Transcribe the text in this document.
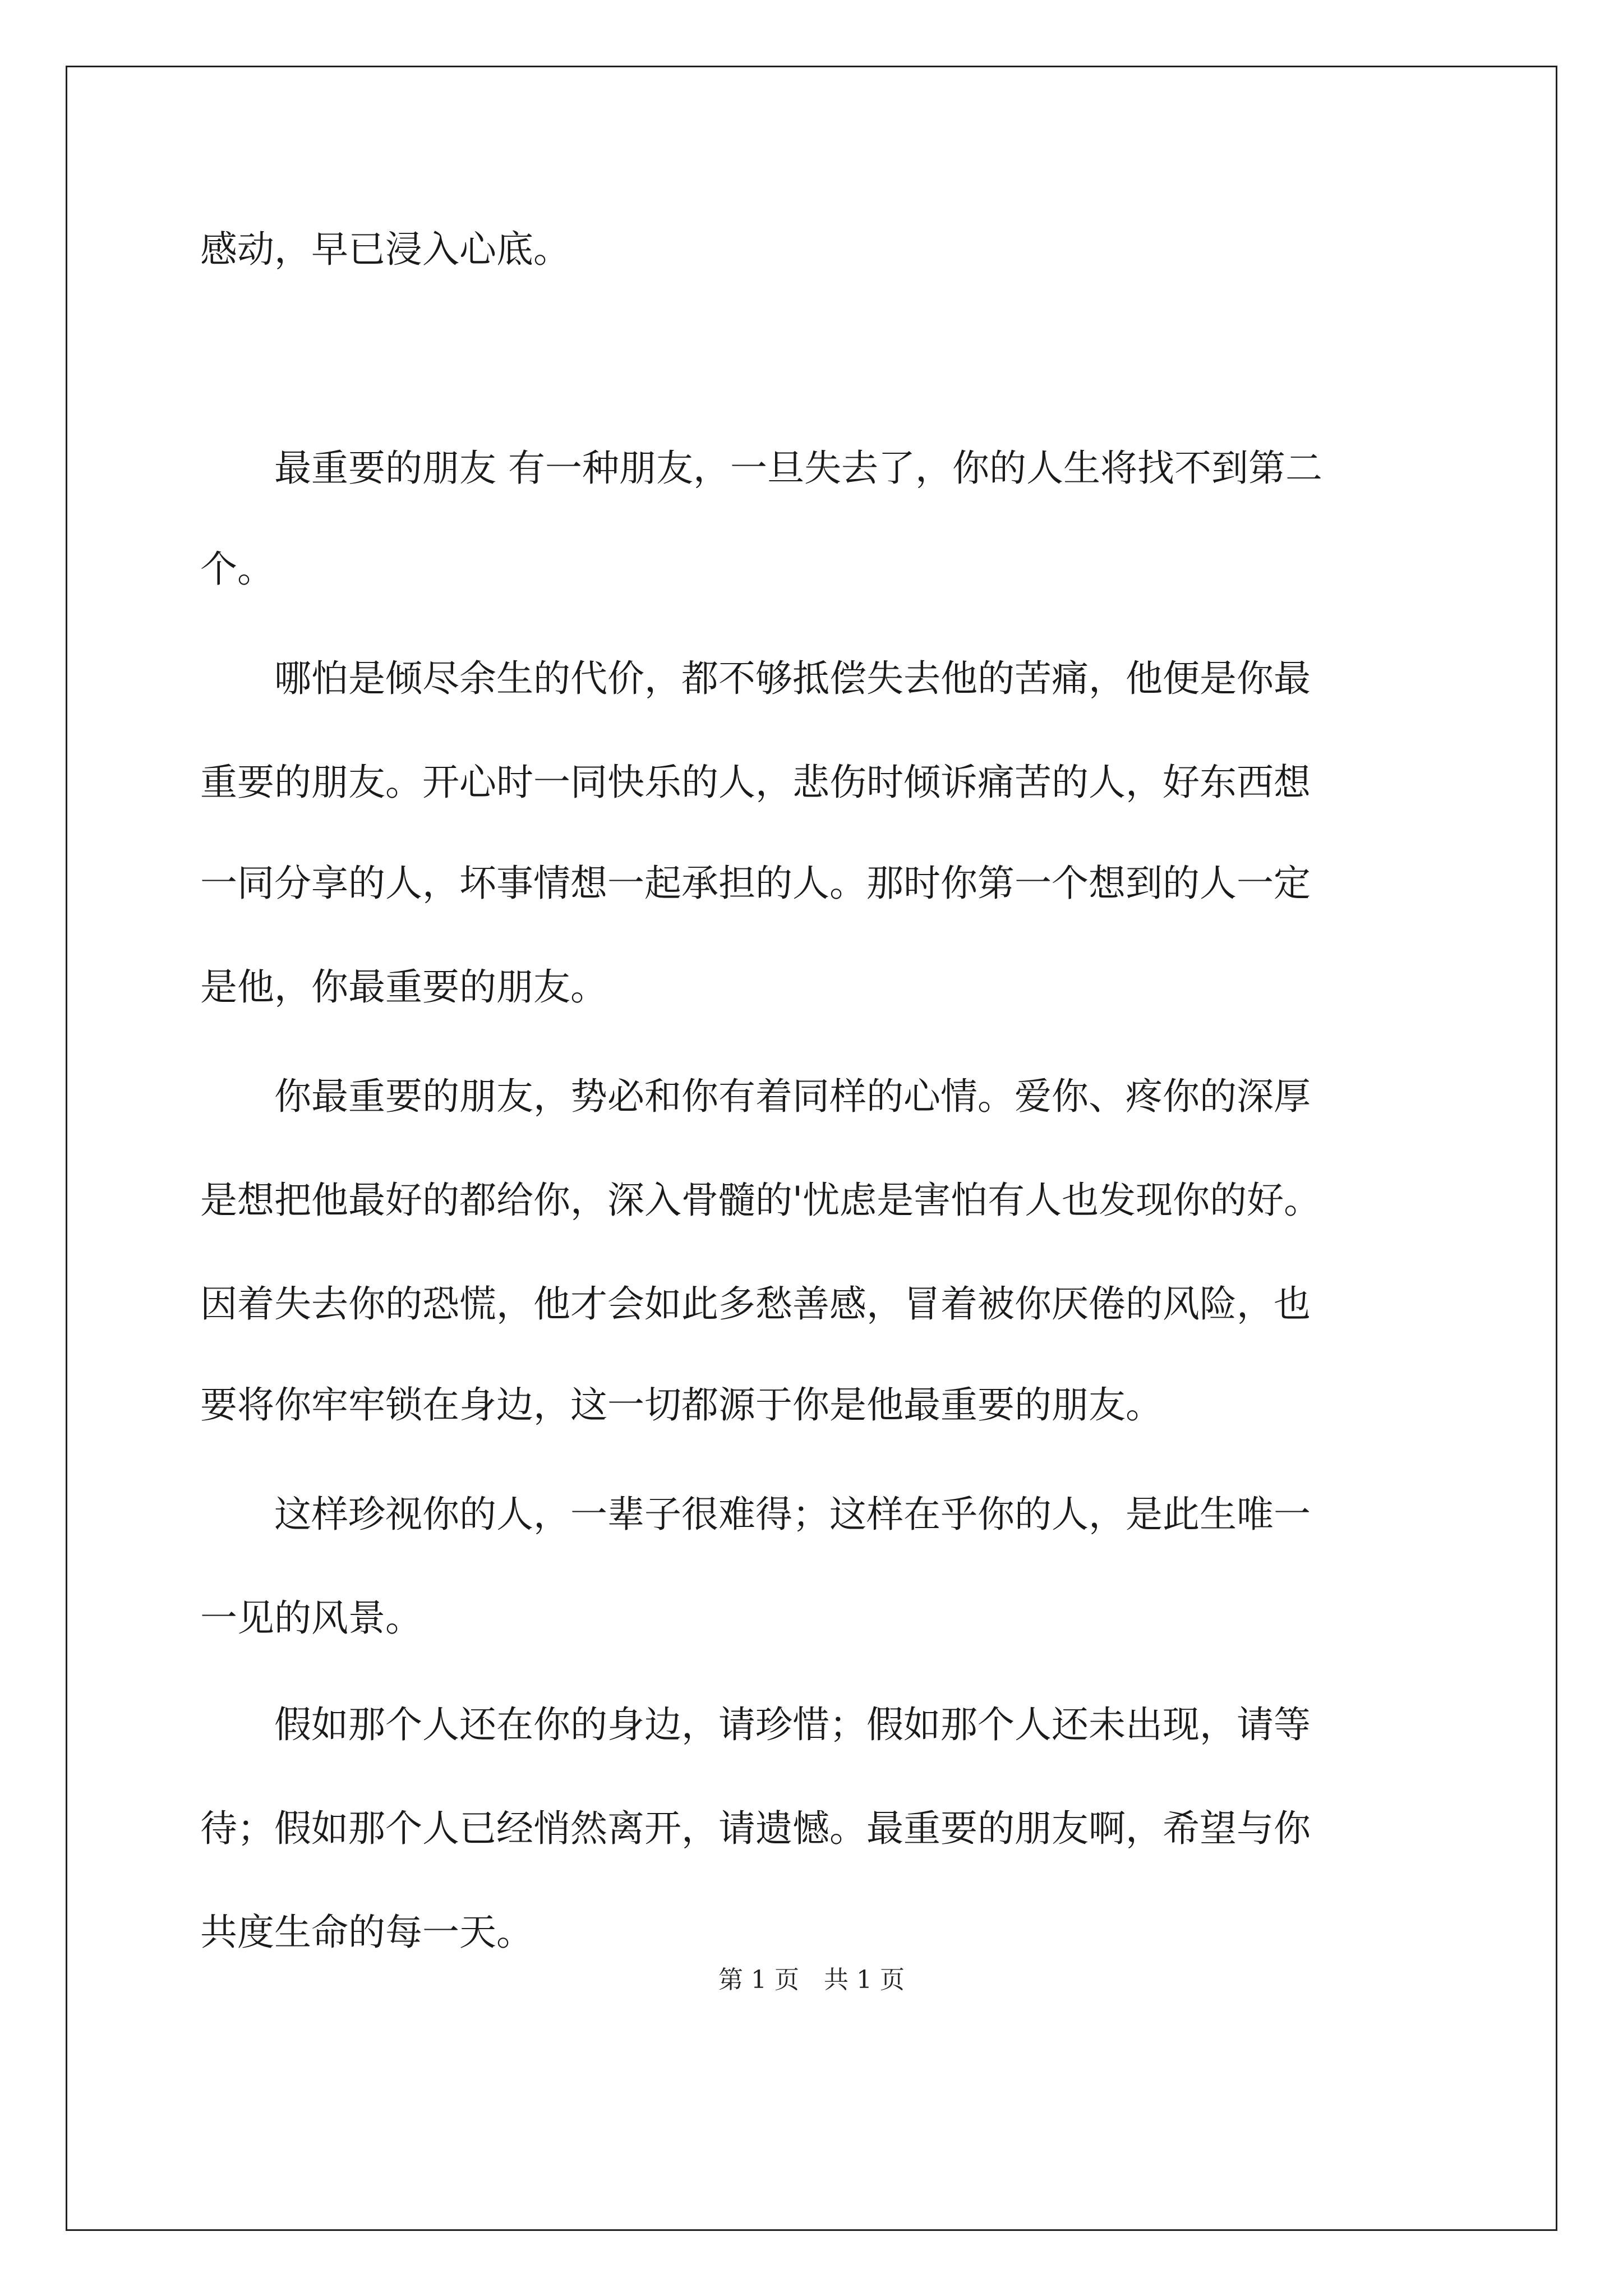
感动，早已浸入心底。
　　最重要的朋友 有一种朋友，一旦失去了，你的人生将找不到第二
个。
　　哪怕是倾尽余生的代价，都不够抵偿失去他的苦痛，他便是你最
重要的朋友。开心时一同快乐的人，悲伤时倾诉痛苦的人，好东西想
一同分享的人，坏事情想一起承担的人。那时你第一个想到的人一定
是他，你最重要的朋友。
　　你最重要的朋友，势必和你有着同样的心情。爱你、疼你的深厚
是想把他最好的都给你，深入骨髓的'忧虑是害怕有人也发现你的好。
因着失去你的恐慌，他才会如此多愁善感，冒着被你厌倦的风险，也
要将你牢牢锁在身边，这一切都源于你是他最重要的朋友。
　　这样珍视你的人，一辈子很难得；这样在乎你的人，是此生唯一
一见的风景。
　　假如那个人还在你的身边，请珍惜；假如那个人还未出现，请等
待；假如那个人已经悄然离开，请遗憾。最重要的朋友啊，希望与你
共度生命的每一天。
第 1 页　共 1 页
